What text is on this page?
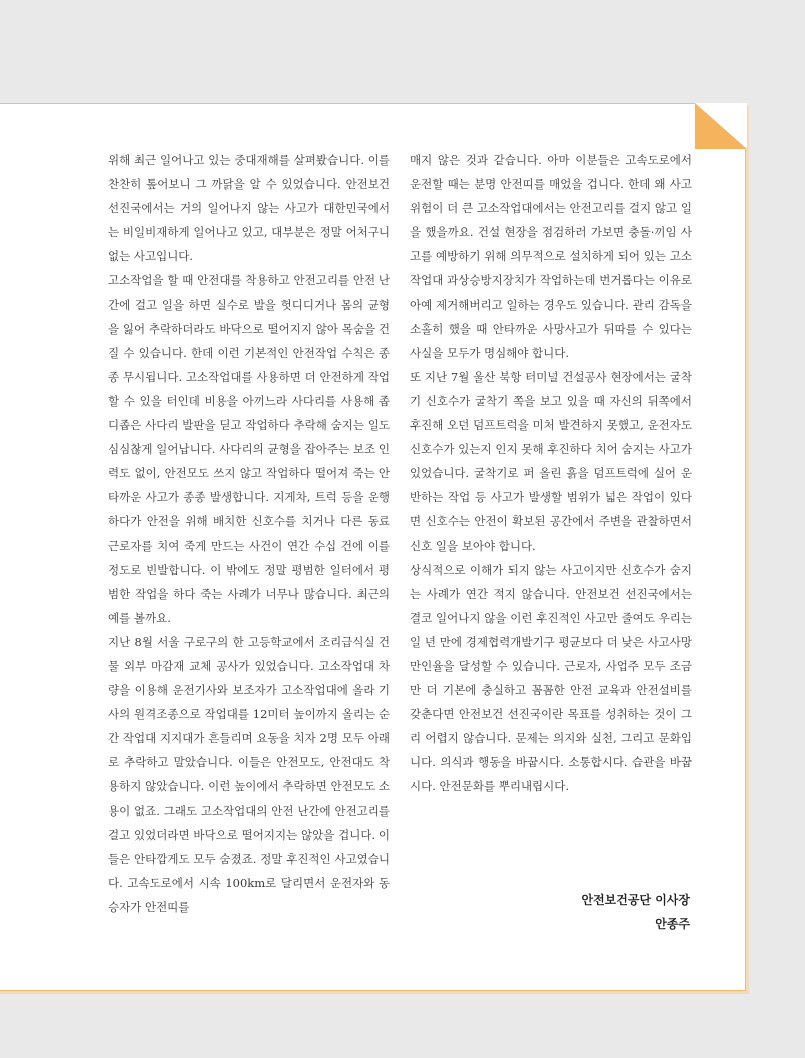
위해 최근 일어나고 있는 중대재해를 살펴봤습니다. 이를 찬찬히 톺어보니 그 까닭을 알 수 있었습니다. 안전보건 선진국에서는 거의 일어나지 않는 사고가 대한민국에서는 비일비재하게 일어나고 있고, 대부분은 정말 어처구니없는 사고입니다.

고소작업을 할 때 안전대를 착용하고 안전고리를 안전 난간에 걸고 일을 하면 실수로 발을 헛디디거나 몸의 균형을 잃어 추락하더라도 바닥으로 떨어지지 않아 목숨을 건질 수 있습니다. 한데 이런 기본적인 안전작업 수칙은 종종 무시됩니다. 고소작업대를 사용하면 더 안전하게 작업할 수 있을 터인데 비용을 아끼느라 사다리를 사용해 좁디좁은 사다리 발판을 딛고 작업하다 추락해 숨지는 일도 심심찮게 일어납니다. 사다리의 균형을 잡아주는 보조 인력도 없이, 안전모도 쓰지 않고 작업하다 떨어져 죽는 안타까운 사고가 종종 발생합니다. 지게차, 트럭 등을 운행하다가 안전을 위해 배치한 신호수를 치거나 다른 동료 근로자를 치여 죽게 만드는 사건이 연간 수십 건에 이를 정도로 빈발합니다. 이 밖에도 정말 평범한 일터에서 평범한 작업을 하다 죽는 사례가 너무나 많습니다. 최근의 예를 볼까요.

지난 8월 서울 구로구의 한 고등학교에서 조리급식실 건물 외부 마감재 교체 공사가 있었습니다. 고소작업대 차량을 이용해 운전기사와 보조자가 고소작업대에 올라 기사의 원격조종으로 작업대를 12미터 높이까지 올리는 순간 작업대 지지대가 흔들리며 요동을 치자 2명 모두 아래로 추락하고 말았습니다. 이들은 안전모도, 안전대도 착용하지 않았습니다. 이런 높이에서 추락하면 안전모도 소용이 없죠. 그래도 고소작업대의 안전 난간에 안전고리를 걸고 있었더라면 바닥으로 떨어지지는 않았을 겁니다. 이들은 안타깝게도 모두 숨졌죠. 정말 후진적인 사고였습니다. 고속도로에서 시속 100km로 달리면서 운전자와 동승자가 안전띠를

매지 않은 것과 같습니다. 아마 이분들은 고속도로에서 운전할 때는 분명 안전띠를 매었을 겁니다. 한데 왜 사고 위험이 더 큰 고소작업대에서는 안전고리를 걸지 않고 일을 했을까요. 건설 현장을 점검하러 가보면 충돌·끼임 사고를 예방하기 위해 의무적으로 설치하게 되어 있는 고소작업대 과상승방지장치가 작업하는데 번거롭다는 이유로 아예 제거해버리고 일하는 경우도 있습니다. 관리 감독을 소홀히 했을 때 안타까운 사망사고가 뒤따를 수 있다는 사실을 모두가 명심해야 합니다.

또 지난 7월 울산 북항 터미널 건설공사 현장에서는 굴착기 신호수가 굴착기 쪽을 보고 있을 때 자신의 뒤쪽에서 후진해 오던 덤프트럭을 미처 발견하지 못했고, 운전자도 신호수가 있는지 인지 못해 후진하다 치어 숨지는 사고가 있었습니다. 굴착기로 퍼 올린 흙을 덤프트럭에 실어 운반하는 작업 등 사고가 발생할 범위가 넓은 작업이 있다면 신호수는 안전이 확보된 공간에서 주변을 관찰하면서 신호 일을 보아야 합니다.

상식적으로 이해가 되지 않는 사고이지만 신호수가 숨지는 사례가 연간 적지 않습니다. 안전보건 선진국에서는 결코 일어나지 않을 이런 후진적인 사고만 줄여도 우리는 일 년 만에 경제협력개발기구 평균보다 더 낮은 사고사망만인율을 달성할 수 있습니다. 근로자, 사업주 모두 조금만 더 기본에 충실하고 꼼꼼한 안전 교육과 안전설비를 갖춘다면 안전보건 선진국이란 목표를 성취하는 것이 그리 어렵지 않습니다. 문제는 의지와 실천, 그리고 문화입니다. 의식과 행동을 바꿉시다. 소통합시다. 습관을 바꿉시다. 안전문화를 뿌리내립시다.

안전보건공단 이사장
안종주
